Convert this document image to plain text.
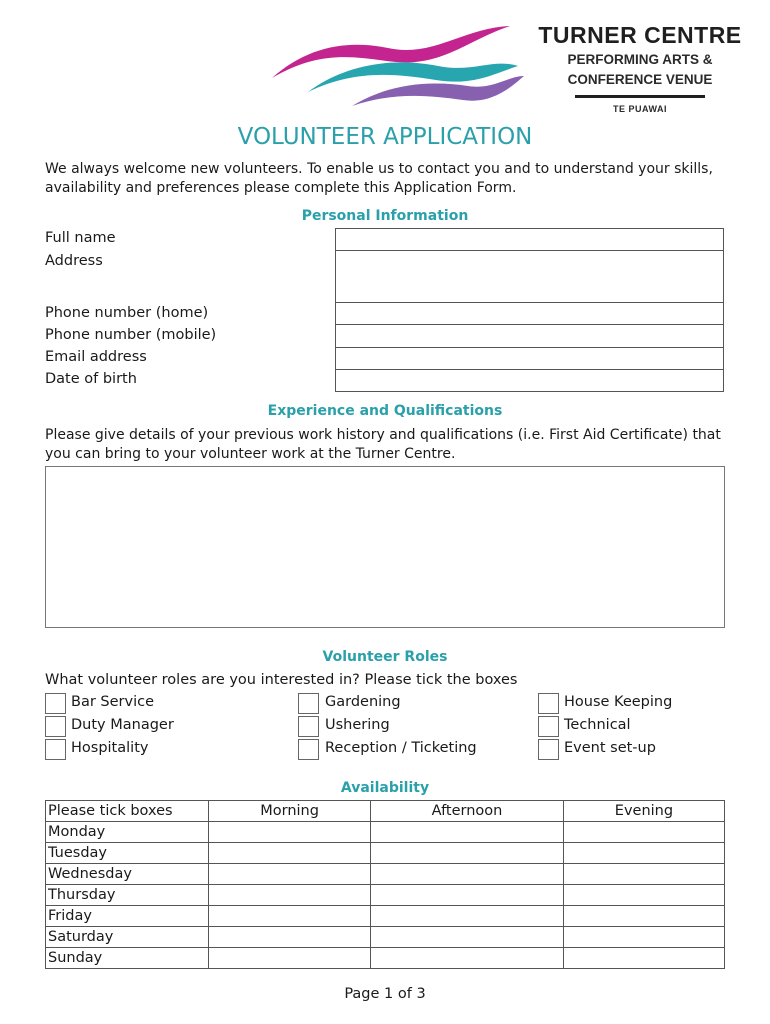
TURNER CENTRE
PERFORMING ARTS &
CONFERENCE VENUE
TE PUAWAI
VOLUNTEER APPLICATION
We always welcome new volunteers. To enable us to contact you and to understand your skills, availability and preferences please complete this Application Form.
Personal Information
Full name
Address
Phone number (home)
Phone number (mobile)
Email address
Date of birth
Experience and Qualifications
Please give details of your previous work history and qualifications (i.e. First Aid Certificate) that you can bring to your volunteer work at the Turner Centre.
Volunteer Roles
What volunteer roles are you interested in? Please tick the boxes
Bar Service
Duty Manager
Hospitality
Gardening
Ushering
Reception / Ticketing
House Keeping
Technical
Event set-up
Availability
Please tick boxes	Morning	Afternoon	Evening
Monday			
Tuesday			
Wednesday			
Thursday			
Friday			
Saturday			
Sunday			
Page 1 of 3
